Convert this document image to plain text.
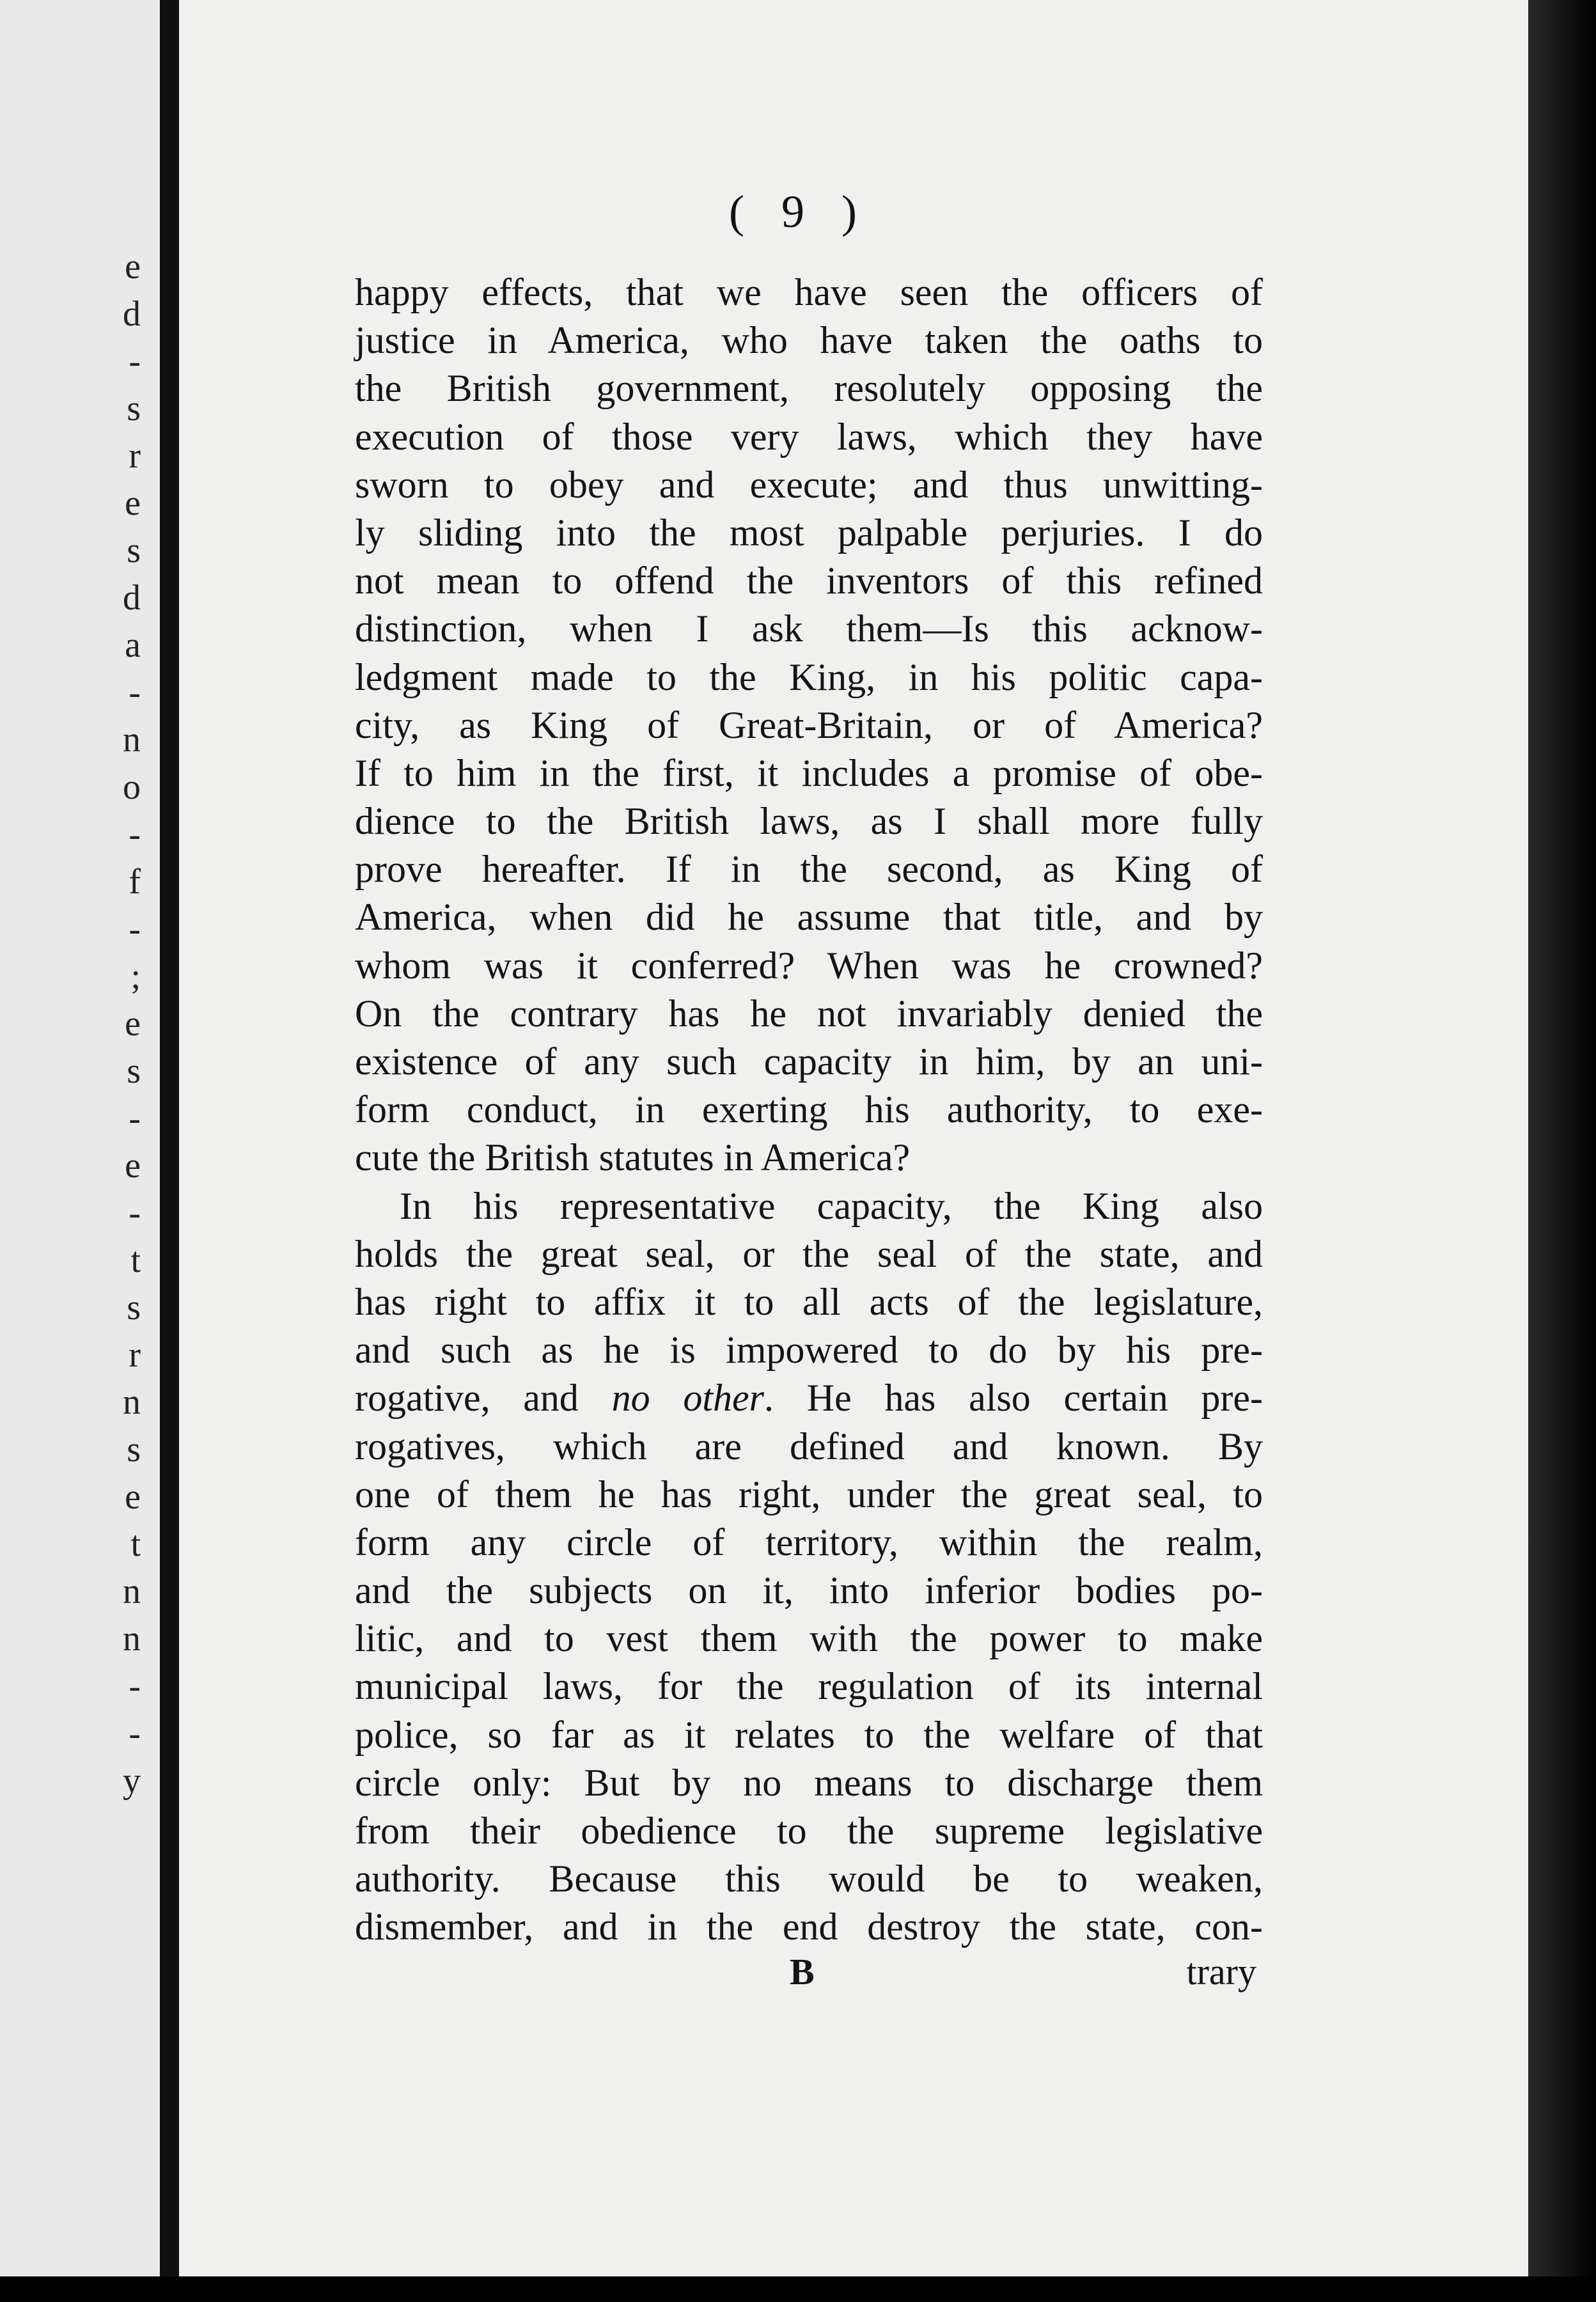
e
d
-
s
r
e
s
d
a
-
n
o
-
f
-
;
e
s
-
e
-
t
s
r
n
s
e
t
n
n
-
-
y
( 9 )
happy effects, that we have seen the officers of
justice in America, who have taken the oaths to
the British government, resolutely opposing the
execution of those very laws, which they have
sworn to obey and execute; and thus unwitting-
ly sliding into the most palpable perjuries. I do
not mean to offend the inventors of this refined
distinction, when I ask them—Is this acknow-
ledgment made to the King, in his politic capa-
city, as King of Great-Britain, or of America?
If to him in the first, it includes a promise of obe-
dience to the British laws, as I shall more fully
prove hereafter. If in the second, as King of
America, when did he assume that title, and by
whom was it conferred? When was he crowned?
On the contrary has he not invariably denied the
existence of any such capacity in him, by an uni-
form conduct, in exerting his authority, to exe-
cute the British statutes in America?
In his representative capacity, the King also
holds the great seal, or the seal of the state, and
has right to affix it to all acts of the legislature,
and such as he is impowered to do by his pre-
rogative, and no other. He has also certain pre-
rogatives, which are defined and known. By
one of them he has right, under the great seal, to
form any circle of territory, within the realm,
and the subjects on it, into inferior bodies po-
litic, and to vest them with the power to make
municipal laws, for the regulation of its internal
police, so far as it relates to the welfare of that
circle only: But by no means to discharge them
from their obedience to the supreme legislative
authority. Because this would be to weaken,
dismember, and in the end destroy the state, con-
B	trary
